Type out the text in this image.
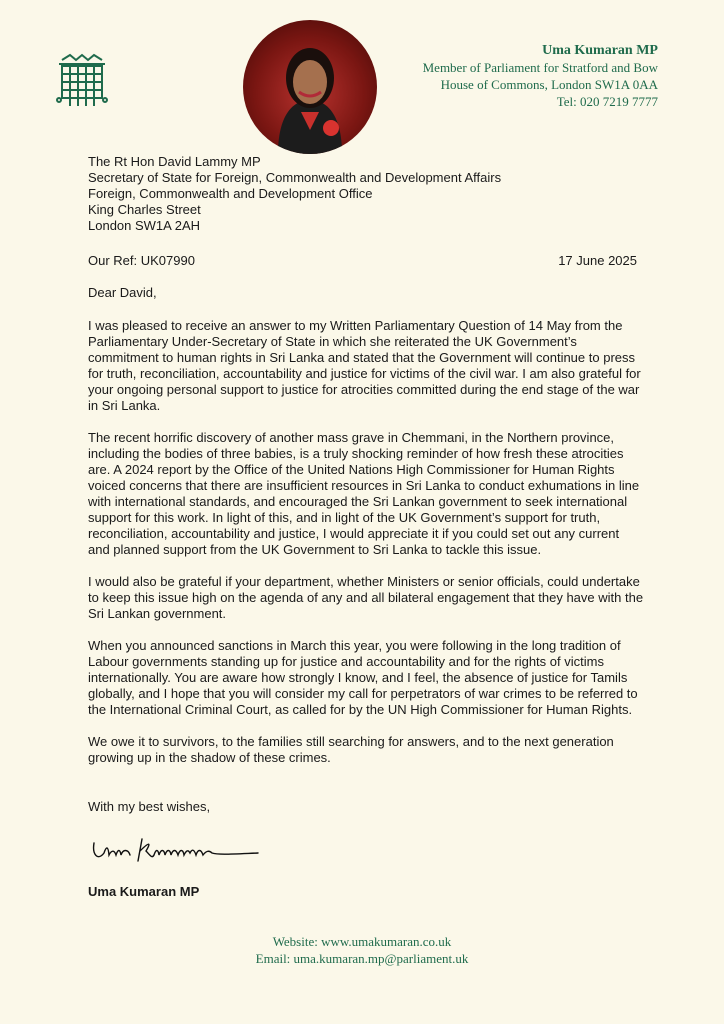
Uma Kumaran MP
Member of Parliament for Stratford and Bow
House of Commons, London SW1A 0AA
Tel: 020 7219 7777
The Rt Hon David Lammy MP
Secretary of State for Foreign, Commonwealth and Development Affairs
Foreign, Commonwealth and Development Office
King Charles Street
London SW1A 2AH
Our Ref: UK07990	17 June 2025
Dear David,

I was pleased to receive an answer to my Written Parliamentary Question of 14 May from the Parliamentary Under-Secretary of State in which she reiterated the UK Government’s commitment to human rights in Sri Lanka and stated that the Government will continue to press for truth, reconciliation, accountability and justice for victims of the civil war. I am also grateful for your ongoing personal support to justice for atrocities committed during the end stage of the war in Sri Lanka.

The recent horrific discovery of another mass grave in Chemmani, in the Northern province, including the bodies of three babies, is a truly shocking reminder of how fresh these atrocities are. A 2024 report by the Office of the United Nations High Commissioner for Human Rights voiced concerns that there are insufficient resources in Sri Lanka to conduct exhumations in line with international standards, and encouraged the Sri Lankan government to seek international support for this work. In light of this, and in light of the UK Government’s support for truth, reconciliation, accountability and justice, I would appreciate it if you could set out any current and planned support from the UK Government to Sri Lanka to tackle this issue.

I would also be grateful if your department, whether Ministers or senior officials, could undertake to keep this issue high on the agenda of any and all bilateral engagement that they have with the Sri Lankan government.

When you announced sanctions in March this year, you were following in the long tradition of Labour governments standing up for justice and accountability and for the rights of victims internationally. You are aware how strongly I know, and I feel, the absence of justice for Tamils globally, and I hope that you will consider my call for perpetrators of war crimes to be referred to the International Criminal Court, as called for by the UN High Commissioner for Human Rights.

We owe it to survivors, to the families still searching for answers, and to the next generation growing up in the shadow of these crimes.

With my best wishes,
Uma Kumaran MP
Website: www.umakumaran.co.uk
Email: uma.kumaran.mp@parliament.uk
